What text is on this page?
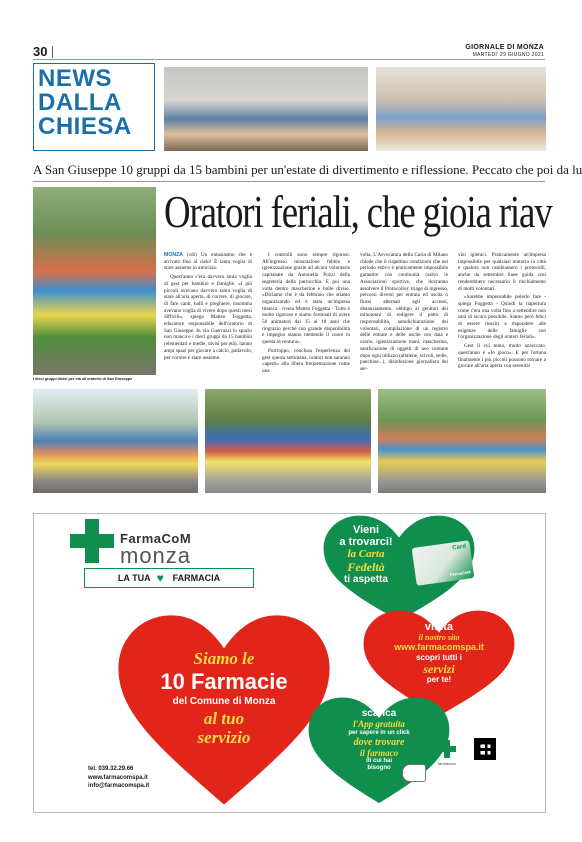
30	GIORNALE DI MONZA
MARTEDI' 29 GIUGNO 2021
NEWS
DALLA
CHIESA
A San Giuseppe 10 gruppi da 15 bambini per un'estate di divertimento e riflessione. Peccato che poi da lu
I dieci gruppi divisi per età all'oratorio di San Giuseppe
Oratori feriali, che gioia riav

MONZA (cdi) Un entusiasmo che è arrivato fino al cielo! È tanta voglia di stare assieme in amicizia.

Quest'anno c'era davvero tanta voglia di gest per bambini e famiglie. «I più piccoli avevano davvero tanta voglia di stare all'aria aperta, di correre, di giocare, di fare canti, balli e preghiere, insomma avevano voglia di vivere dopo questi mesi difficili», spiega Matteo Foggetta, educatore responsabile dell'oratorio di San Giuseppe. In via Guerrazzi lo spazio non manca e i dieci gruppi da 15 bambini (elementari e medie, divisi per età), hanno ampi spazi per giocare a calcio, pallavolo, per correre e stare assieme.

I controlli sono sempre rigorosi. All'ingresso misurazione febbre e igienizzazione grazie ad alcuni volontarie capitanate da Antonella Pozzi della segreteria della parrocchia. E poi una volta dentro mascherine e bolle divise. «Diciamo che è da febbraio che stiamo organizzando ed è stata un'impresa titanica - rivela Matteo Foggetta - Tutto è molto rigoroso e siamo fortunati di avere 50 animatori dai 15 ai 18 anni che ringrazio perché con grande disponibilità e impegno stanno mettendo il cuore in questa avventura».

Purtroppo, conclusa l'esperienza del gest questa settimana, oratori non saranno «aperti» alla libera frequentazione come una

volta. L'Avvocatura della Curia di Milano chiede che il rispettino condizioni che nel periodo estivo è praticamente impossibile garantire con continuità (salvo le Associazioni sportive, che dovranno assolvere il Protocollo): triage di ingresso, percorsi diversi per entrata ed uscita o flussi alternati agli accessi, distanziamento, obbligo ai genitori dei minorenni di redigere il patto di responsabilità, autodichiarazione dei volontari, compilazione di un registro delle entrate e delle uscite con data e orario, igienizzazione mani, mascherina, sanificazione di oggetti di uso comune dopo ogni utilizzo (altalene, scivoli, sedie, panchine...), disinfezione giornaliera dei ser-

vizi igienici. Praticamente un'impresa impossibile per qualsiasi oratorio in città e qualora non cambiassero i protocolli, anche da settembre linee guida così renderebbero necessario il rinchiamento di molti volontari.

«Sarebbe impensabile poterlo fare - spiega Foggetta - Quindi la riapertura come c'era una volta fino a settembre non sarà di sicuro possibile. Siamo però felici di essere riusciti a rispondere alle esigenze delle famiglie con l'organizzazione degli oratori feriali».

Gest il cui tema, molto azzeccato, quest'anno è «Io gioco». E per fortuna finalmente i più piccoli possono tornare a giocare all'aria aperta con serenità!

FarmaCoM
monza
LA TUA ♥ FARMACIA
Siamo le
10 Farmacie
del Comune di Monza
al tuo
servizio
Vieni
a trovarci!
la Carta
Fedeltà
ti aspetta
Card
FarmaCoM
visita
il nostro sito
www.farmacomspa.it
scopri tutti i
servizi
per te!
scarica
l'App gratuita
per sapere in un click
dove trovare
il farmaco
di cui hai
bisogno
tel. 039.32.29.66
www.farmacomspa.it
info@farmacomspa.it
farmacom
